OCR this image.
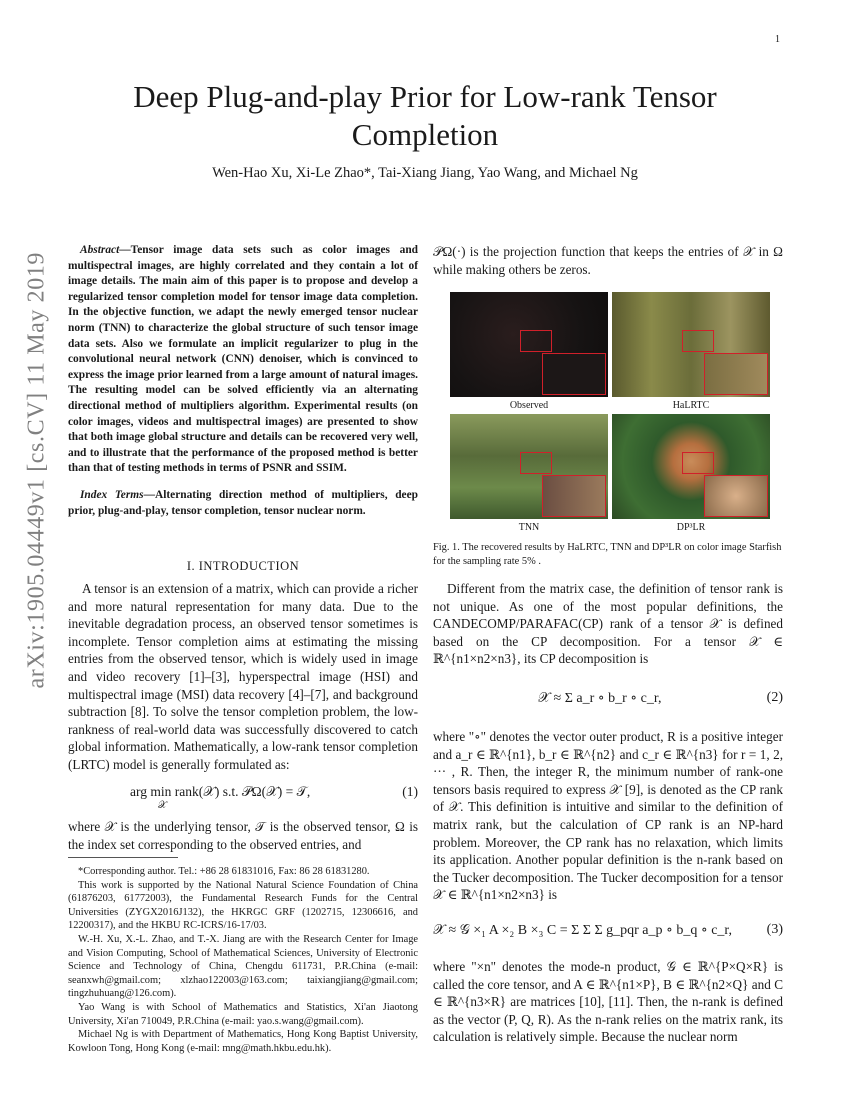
1
arXiv:1905.04449v1 [cs.CV] 11 May 2019
Deep Plug-and-play Prior for Low-rank Tensor Completion
Wen-Hao Xu, Xi-Le Zhao*, Tai-Xiang Jiang, Yao Wang, and Michael Ng
Abstract—Tensor image data sets such as color images and multispectral images, are highly correlated and they contain a lot of image details. The main aim of this paper is to propose and develop a regularized tensor completion model for tensor image data completion. In the objective function, we adapt the newly emerged tensor nuclear norm (TNN) to characterize the global structure of such tensor image data sets. Also we formulate an implicit regularizer to plug in the convolutional neural network (CNN) denoiser, which is convinced to express the image prior learned from a large amount of natural images. The resulting model can be solved efficiently via an alternating directional method of multipliers algorithm. Experimental results (on color images, videos and multispectral images) are presented to show that both image global structure and details can be recovered very well, and to illustrate that the performance of the proposed method is better than that of testing methods in terms of PSNR and SSIM.
Index Terms—Alternating direction method of multipliers, deep prior, plug-and-play, tensor completion, tensor nuclear norm.
I. INTRODUCTION
A tensor is an extension of a matrix, which can provide a richer and more natural representation for many data. Due to the inevitable degradation process, an observed tensor sometimes is incomplete. Tensor completion aims at estimating the missing entries from the observed tensor, which is widely used in image and video recovery [1]–[3], hyperspectral image (HSI) and multispectral image (MSI) data recovery [4]–[7], and background subtraction [8]. To solve the tensor completion problem, the low-rankness of real-world data was successfully discovered to catch global information. Mathematically, a low-rank tensor completion (LRTC) model is generally formulated as:
arg min rank(𝒳) s.t. 𝒫Ω(𝒳) = 𝒯,
𝒳
(1)
where 𝒳 is the underlying tensor, 𝒯 is the observed tensor, Ω is the index set corresponding to the observed entries, and

*Corresponding author. Tel.: +86 28 61831016, Fax: 86 28 61831280.

This work is supported by the National Natural Science Foundation of China (61876203, 61772003), the Fundamental Research Funds for the Central Universities (ZYGX2016J132), the HKRGC GRF (1202715, 12306616, and 12200317), and the HKBU RC-ICRS/16-17/03.

W.-H. Xu, X.-L. Zhao, and T.-X. Jiang are with the Research Center for Image and Vision Computing, School of Mathematical Sciences, University of Electronic Science and Technology of China, Chengdu 611731, P.R.China (e-mail: seanxwh@gmail.com; xlzhao122003@163.com; taixiangjiang@gmail.com; tingzhuhuang@126.com).

Yao Wang is with School of Mathematics and Statistics, Xi'an Jiaotong University, Xi'an 710049, P.R.China (e-mail: yao.s.wang@gmail.com).

Michael Ng is with Department of Mathematics, Hong Kong Baptist University, Kowloon Tong, Hong Kong (e-mail: mng@math.hkbu.edu.hk).

𝒫Ω(·) is the projection function that keeps the entries of 𝒳 in Ω while making others be zeros.
Observed	HaLRTC
TNN	DP³LR
Fig. 1. The recovered results by HaLRTC, TNN and DP³LR on color image Starfish for the sampling rate 5% .
Different from the matrix case, the definition of tensor rank is not unique. As one of the most popular definitions, the CANDECOMP/PARAFAC(CP) rank of a tensor 𝒳 is defined based on the CP decomposition. For a tensor 𝒳 ∈ ℝ^{n1×n2×n3}, its CP decomposition is
𝒳 ≈ Σ a_r ∘ b_r ∘ c_r,	(2)
where "∘" denotes the vector outer product, R is a positive integer and a_r ∈ ℝ^{n1}, b_r ∈ ℝ^{n2} and c_r ∈ ℝ^{n3} for r = 1, 2, ··· , R. Then, the integer R, the minimum number of rank-one tensors basis required to express 𝒳 [9], is denoted as the CP rank of 𝒳. This definition is intuitive and similar to the definition of matrix rank, but the calculation of CP rank is an NP-hard problem. Moreover, the CP rank has no relaxation, which limits its application. Another popular definition is the n-rank based on the Tucker decomposition. The Tucker decomposition for a tensor 𝒳 ∈ ℝ^{n1×n2×n3} is
𝒳 ≈ 𝒢 ×₁ A ×₂ B ×₃ C = Σ Σ Σ g_pqr a_p ∘ b_q ∘ c_r, (3)
where "×n" denotes the mode-n product, 𝒢 ∈ ℝ^{P×Q×R} is called the core tensor, and A ∈ ℝ^{n1×P}, B ∈ ℝ^{n2×Q} and C ∈ ℝ^{n3×R} are matrices [10], [11]. Then, the n-rank is defined as the vector (P, Q, R). As the n-rank relies on the matrix rank, its calculation is relatively simple. Because the nuclear norm
